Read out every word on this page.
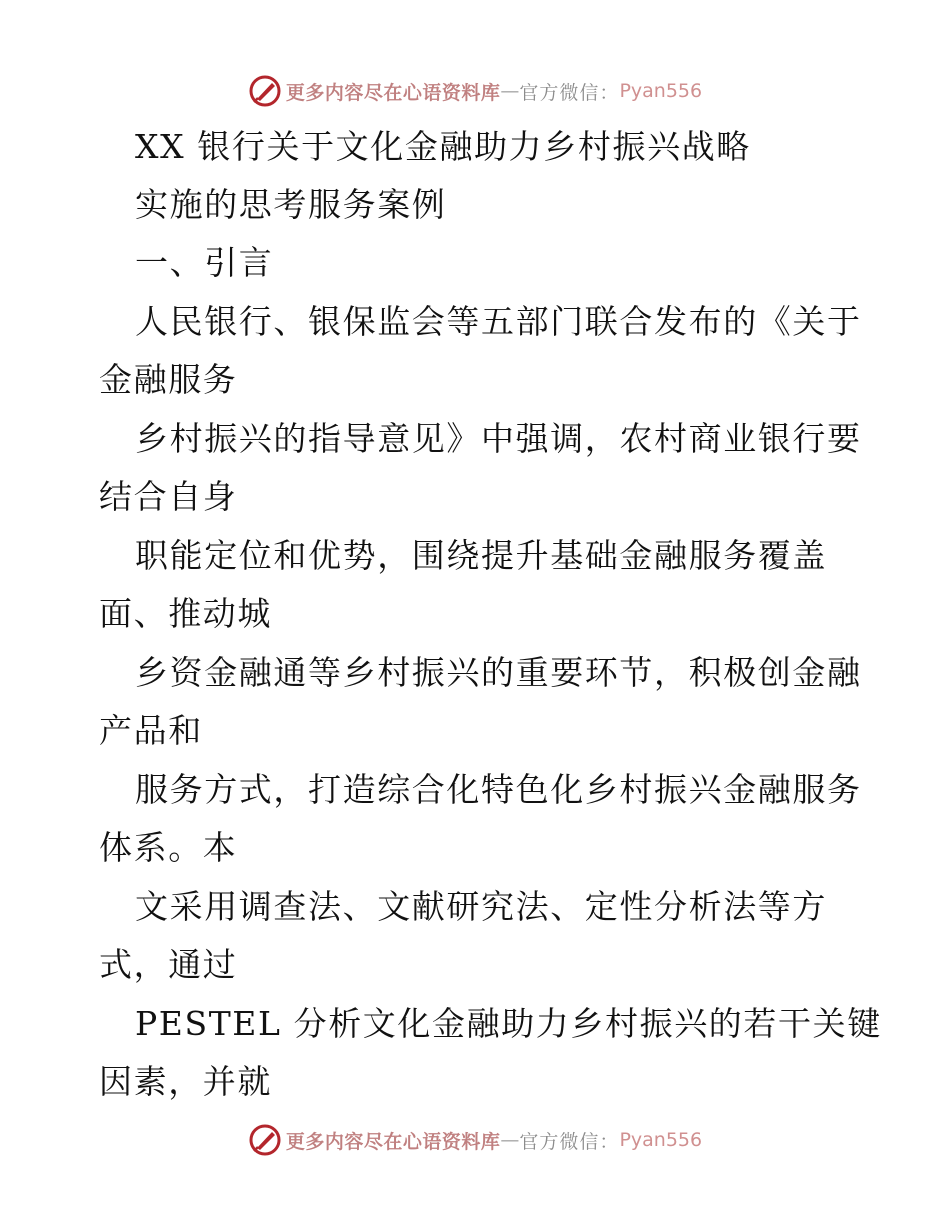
更多内容尽在心语资料库 — 官方微信： Pyan556
XX 银行关于文化金融助力乡村振兴战略
实施的思考服务案例
一、引言
人民银行、银保监会等五部门联合发布的《关于
金融服务
乡村振兴的指导意见》中强调，农村商业银行要
结合自身
职能定位和优势，围绕提升基础金融服务覆盖
面、推动城
乡资金融通等乡村振兴的重要环节，积极创金融
产品和
服务方式，打造综合化特色化乡村振兴金融服务
体系。本
文采用调查法、文献研究法、定性分析法等方
式，通过
PESTEL 分析文化金融助力乡村振兴的若干关键
因素，并就
更多内容尽在心语资料库 — 官方微信： Pyan556
